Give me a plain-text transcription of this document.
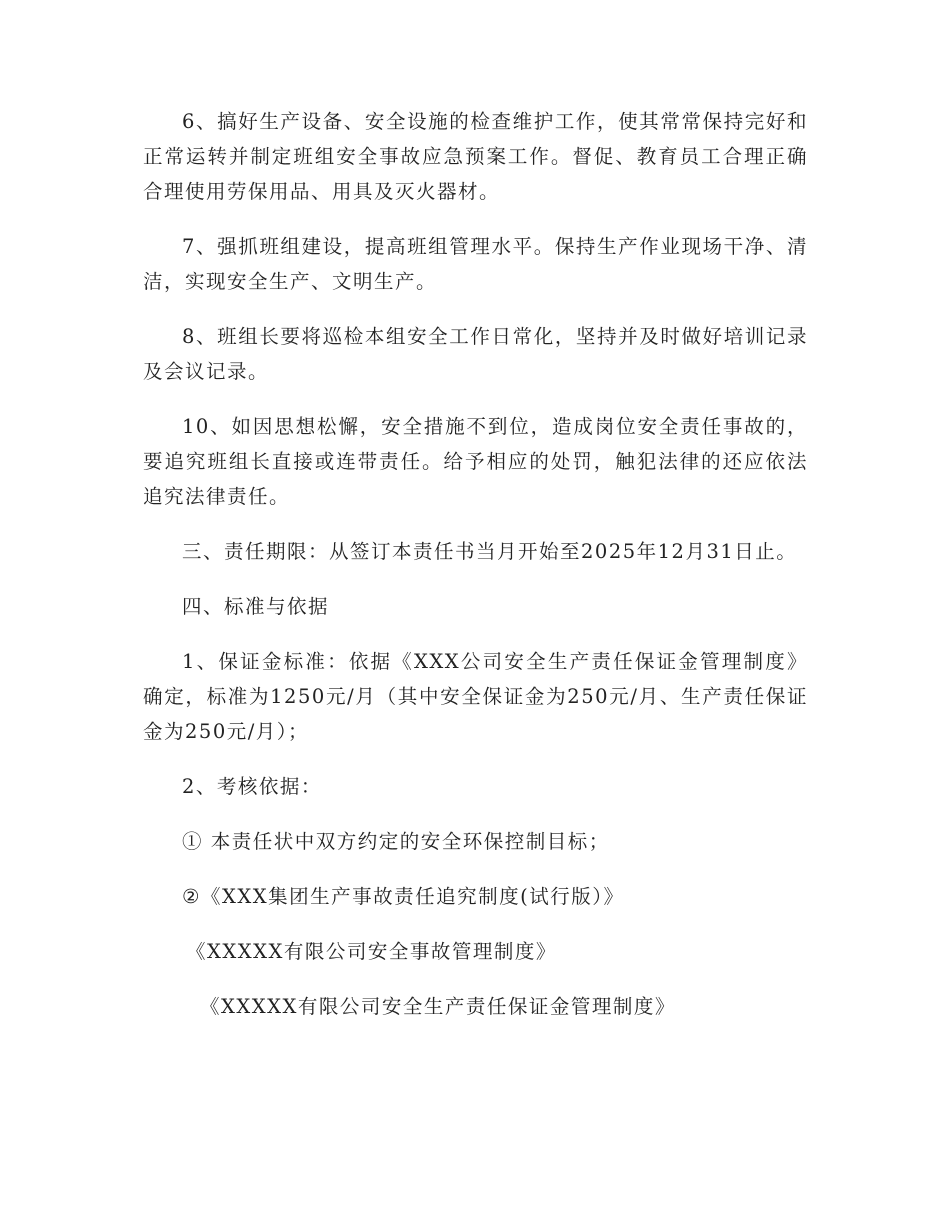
6、搞好生产设备、安全设施的检查维护工作，使其常常保持完好和正常运转并制定班组安全事故应急预案工作。督促、教育员工合理正确合理使用劳保用品、用具及灭火器材。

7、强抓班组建设，提高班组管理水平。保持生产作业现场干净、清洁，实现安全生产、文明生产。

8、班组长要将巡检本组安全工作日常化，坚持并及时做好培训记录及会议记录。

10、如因思想松懈，安全措施不到位，造成岗位安全责任事故的，要追究班组长直接或连带责任。给予相应的处罚，触犯法律的还应依法追究法律责任。

三、责任期限：从签订本责任书当月开始至2025年12月31日止。

四、标准与依据

1、保证金标准：依据《XXX公司安全生产责任保证金管理制度》确定，标准为1250元/月（其中安全保证金为250元/月、生产责任保证金为250元/月）；

2、考核依据：

① 本责任状中双方约定的安全环保控制目标；

②《XXX集团生产事故责任追究制度(试行版）》

《XXXXX有限公司安全事故管理制度》

《XXXXX有限公司安全生产责任保证金管理制度》
